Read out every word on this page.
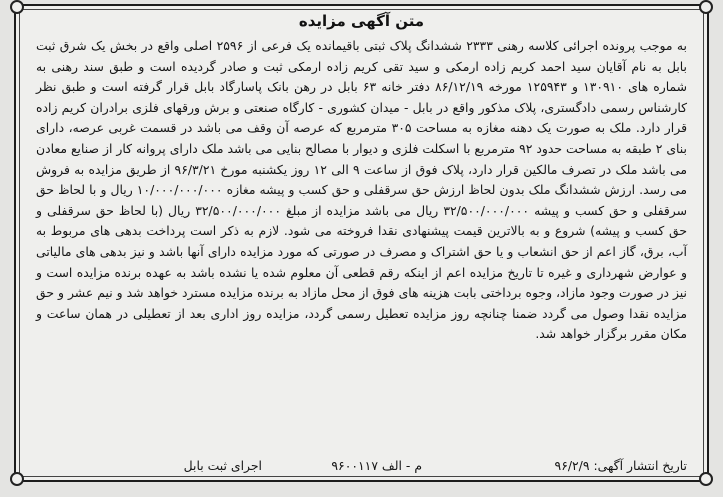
متن آگهی مزایده
به موجب پرونده اجرائی کلاسه رهنی ۲۳۳۳ ششدانگ پلاک ثبتی باقیمانده یک فرعی از ۲۵۹۶ اصلی واقع در بخش یک شرق ثبت بابل به نام آقایان سید احمد کریم زاده ارمکی و سید تقی کریم زاده ارمکی ثبت و صادر گردیده است و طبق سند رهنی به شماره های ۱۳۰۹۱۰ و ۱۲۵۹۴۳ مورخه ۸۶/۱۲/۱۹ دفتر خانه ۶۳ بابل در رهن بانک پاسارگاد بابل قرار گرفته است و طبق نظر کارشناس رسمی دادگستری، پلاک مذکور واقع در بابل - میدان کشوری - کارگاه صنعتی و برش ورقهای فلزی برادران کریم زاده قرار دارد. ملک به صورت یک دهنه مغازه به مساحت ۳۰۵ مترمربع که عرصه آن وقف می باشد در قسمت غربی عرصه، دارای بنای ۲ طبقه به مساحت حدود ۹۲ مترمربع با اسکلت فلزی و دیوار با مصالح بنایی می باشد ملک دارای پروانه کار از صنایع معادن می باشد ملک در تصرف مالکین قرار دارد، پلاک فوق از ساعت ۹ الی ۱۲ روز یکشنبه مورخ ۹۶/۳/۲۱ از طریق مزایده به فروش می رسد. ارزش ششدانگ ملک بدون لحاظ ارزش حق سرقفلی و حق کسب و پیشه مغازه ۱۰/۰۰۰/۰۰۰/۰۰۰ ریال و با لحاظ حق سرقفلی و حق کسب و پیشه ۳۲/۵۰۰/۰۰۰/۰۰۰ ریال می باشد مزایده از مبلغ ۳۲/۵۰۰/۰۰۰/۰۰۰ ریال (با لحاظ حق سرقفلی و حق کسب و پیشه) شروع و به بالاترین قیمت پیشنهادی نقدا فروخته می شود. لازم به ذکر است پرداخت بدهی های مربوط به آب، برق، گاز اعم از حق انشعاب و یا حق اشتراک و مصرف در صورتی که مورد مزایده دارای آنها باشد و نیز بدهی های مالیاتی و عوارض شهرداری و غیره تا تاریخ مزایده اعم از اینکه رقم قطعی آن معلوم شده یا نشده باشد به عهده برنده مزایده است و نیز در صورت وجود مازاد، وجوه برداختی بابت هزینه های فوق از محل مازاد به برنده مزایده مسترد خواهد شد و نیم عشر و حق مزایده نقدا وصول می گردد ضمنا چنانچه روز مزایده تعطیل رسمی گردد، مزایده روز اداری بعد از تعطیلی در همان ساعت و مکان مقرر برگزار خواهد شد.
تاریخ انتشار آگهی: ۹۶/۲/۹
م - الف ۹۶۰۰۱۱۷
اجرای ثبت بابل
